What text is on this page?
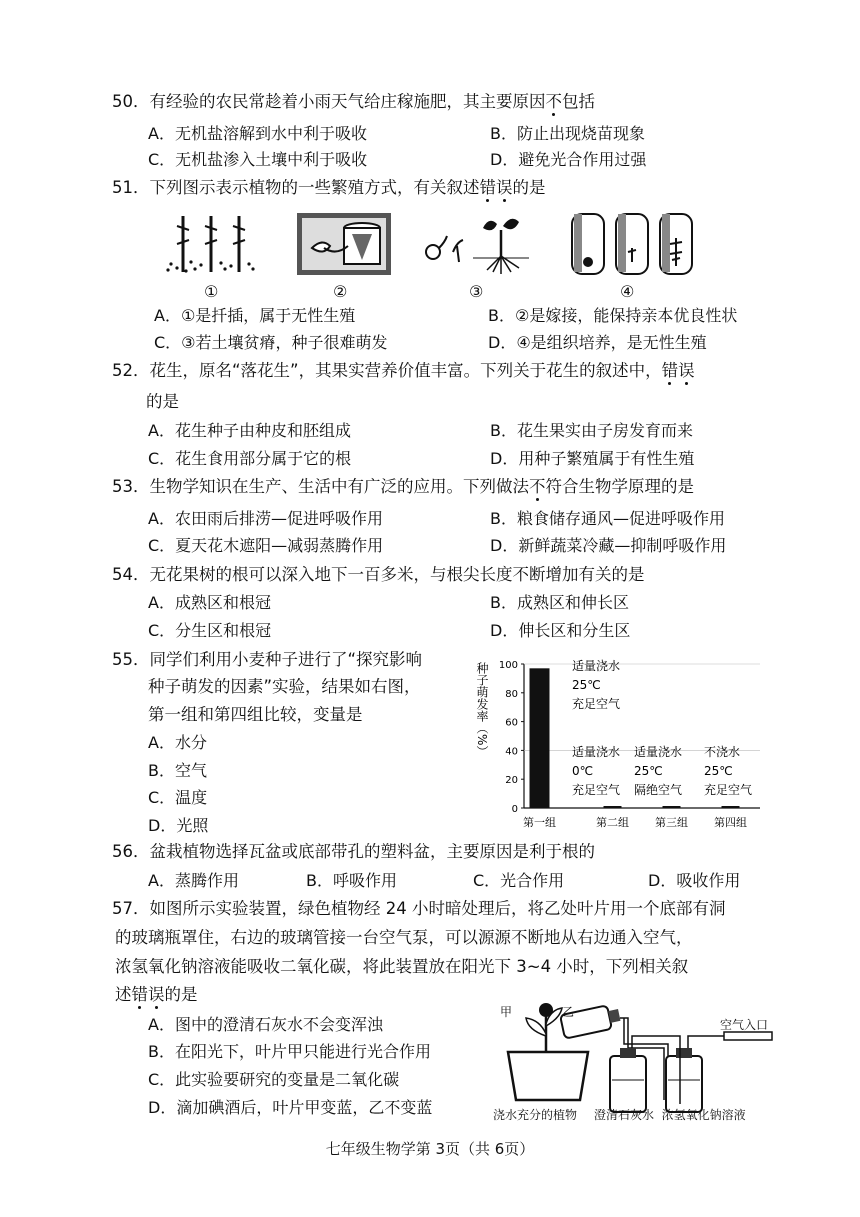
50．有经验的农民常趁着小雨天气给庄稼施肥，其主要原因不包括
A．无机盐溶解到水中利于吸收	B．防止出现烧苗现象
C．无机盐渗入土壤中利于吸收	D．避免光合作用过强
51．下列图示表示植物的一些繁殖方式，有关叙述错误的是
①	②	③	④
A．①是扦插，属于无性生殖	B．②是嫁接，能保持亲本优良性状
C．③若土壤贫瘠，种子很难萌发	D．④是组织培养，是无性生殖
52．花生，原名“落花生”，其果实营养价值丰富。下列关于花生的叙述中，错误
的是
A．花生种子由种皮和胚组成	B．花生果实由子房发育而来
C．花生食用部分属于它的根	D．用种子繁殖属于有性生殖
53．生物学知识在生产、生活中有广泛的应用。下列做法不符合生物学原理的是
A．农田雨后排涝—促进呼吸作用	B．粮食储存通风—促进呼吸作用
C．夏天花木遮阳—减弱蒸腾作用	D．新鲜蔬菜冷藏—抑制呼吸作用
54．无花果树的根可以深入地下一百多米，与根尖长度不断增加有关的是
A．成熟区和根冠	B．成熟区和伸长区
C．分生区和根冠	D．伸长区和分生区
55．同学们利用小麦种子进行了“探究影响
种子萌发的因素”实验，结果如右图，
第一组和第四组比较，变量是
A．水分
B．空气
C．温度
D．光照
种子萌发率（%）
0
20
40
60
80
100
第一组	第二组 第三组 第四组
适量浇水
25℃
充足空气
适量浇水
0℃
充足空气
适量浇水
25℃
隔绝空气
不浇水
25℃
充足空气
56．盆栽植物选择瓦盆或底部带孔的塑料盆，主要原因是利于根的
A．蒸腾作用	B．呼吸作用	C．光合作用	D．吸收作用
57．如图所示实验装置，绿色植物经 24 小时暗处理后，将乙处叶片用一个底部有洞
的玻璃瓶罩住，右边的玻璃管接一台空气泵，可以源源不断地从右边通入空气，
浓氢氧化钠溶液能吸收二氧化碳，将此装置放在阳光下 3~4 小时，下列相关叙
述错误的是
A．图中的澄清石灰水不会变浑浊
B．在阳光下，叶片甲只能进行光合作用
C．此实验要研究的变量是二氧化碳
D．滴加碘酒后，叶片甲变蓝，乙不变蓝
甲	乙
空气入口
浇水充分的植物 澄清石灰水  浓氢氧化钠溶液
七年级生物学第 3页（共 6页）
